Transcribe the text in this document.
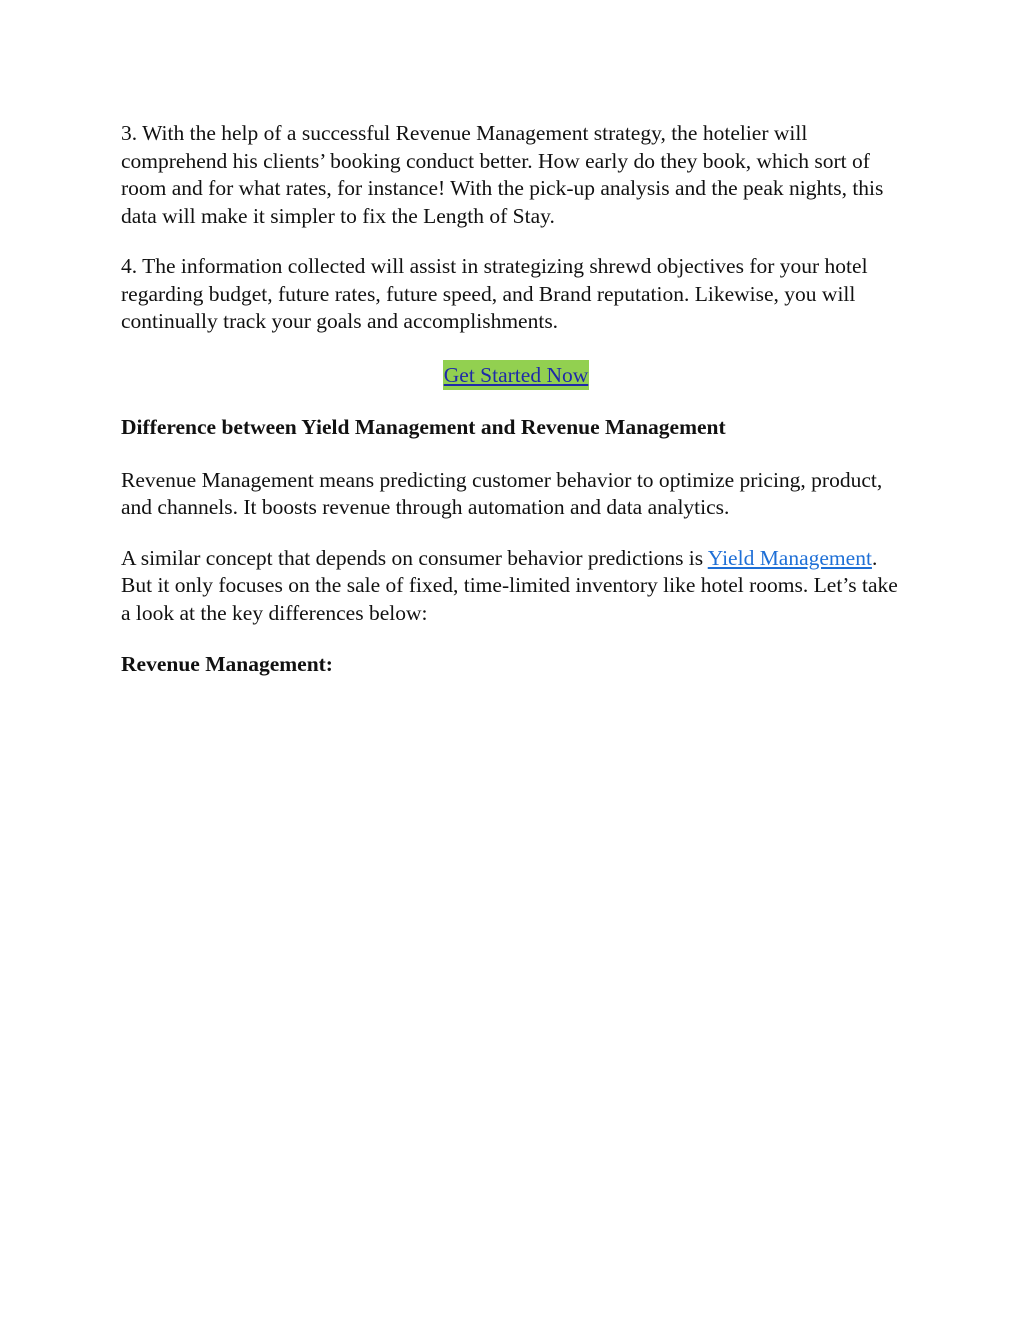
3. With the help of a successful Revenue Management strategy, the hotelier will comprehend his clients’ booking conduct better. How early do they book, which sort of room and for what rates, for instance! With the pick-up analysis and the peak nights, this data will make it simpler to fix the Length of Stay.

4. The information collected will assist in strategizing shrewd objectives for your hotel regarding budget, future rates, future speed, and Brand reputation. Likewise, you will continually track your goals and accomplishments.

Get Started Now
Difference between Yield Management and Revenue Management

Revenue Management means predicting customer behavior to optimize pricing, product, and channels. It boosts revenue through automation and data analytics.

A similar concept that depends on consumer behavior predictions is Yield Management. But it only focuses on the sale of fixed, time-limited inventory like hotel rooms. Let’s take a look at the key differences below:

Revenue Management:
